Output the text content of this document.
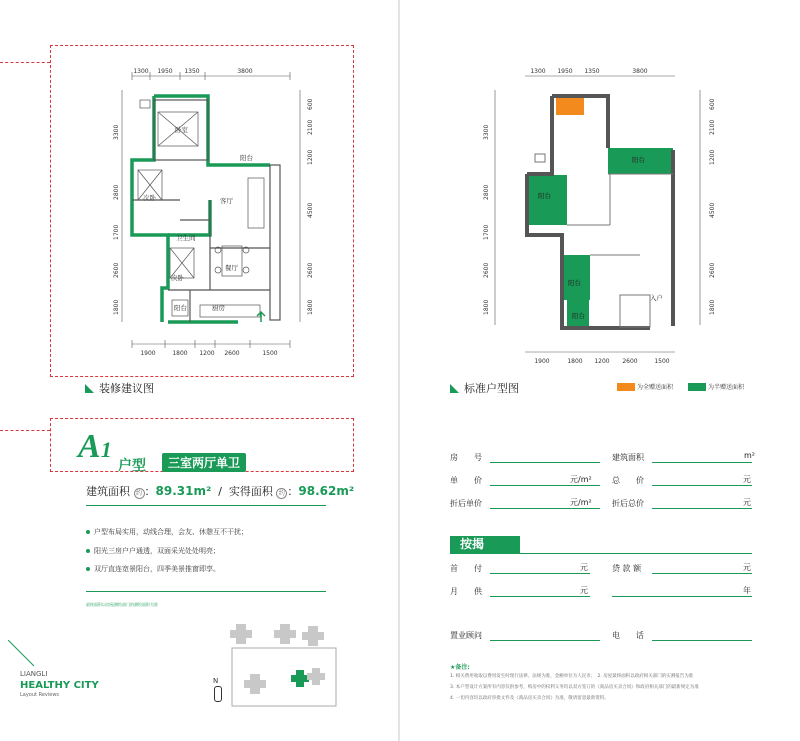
1300 1950 1350	3800
1900	1800 1200 2600	1500
3300
2800
1700
2600
1800
600
2100
1200
4500
2600
1800
卧室
阳台
次卧	客厅
卫生间
餐厅
次卧
阳台	厨房
装修建议图
A1
户型	三室两厅单卫
建筑面积 约 ：89.31m²  /  实得面积 约 ：98.62m²
户型布局实用，动线合理，会友、休憩互不干扰；
阳光三房户户通透，双面采光处处明亮；
双厅直连宽景阳台，四季美景推窗即享。
最终面积以房屋测绘部门的测绘面积为准
N
LIANGLI
HEALTHY CITY
Layout Reviews
1300 1950 1350	3800
1900	1800 1200 2600	1500
3300
2800
1700
2600
1800
600
2100
1200
4500
2600
1800
阳台
阳台
阳台
阳台
入户
标准户型图	为全赠送面积	为半赠送面积
房　　号	建筑面积	m²
单　　价	元/m²	总　　价	元
折后单价	元/m²	折后总价	元
按揭
首　　付	元	贷 款 额	元
月　　供	元	年
置业顾问	电　　话
★备注:
1. 相关费用收取以费用发生时现行法律、法规为准，金额单位为人民币；　2. 房屋最终面积以政府相关部门的实测报告为准
3. 本户型设计方案所有内容仅供参考，购房中的权利义务均以双方签订的《商品房买卖合同》和政府相关部门的最新规定为准
4. 一切内容均以政府审批文件及《商品房买卖合同》为准，敬请留意最新资料。
